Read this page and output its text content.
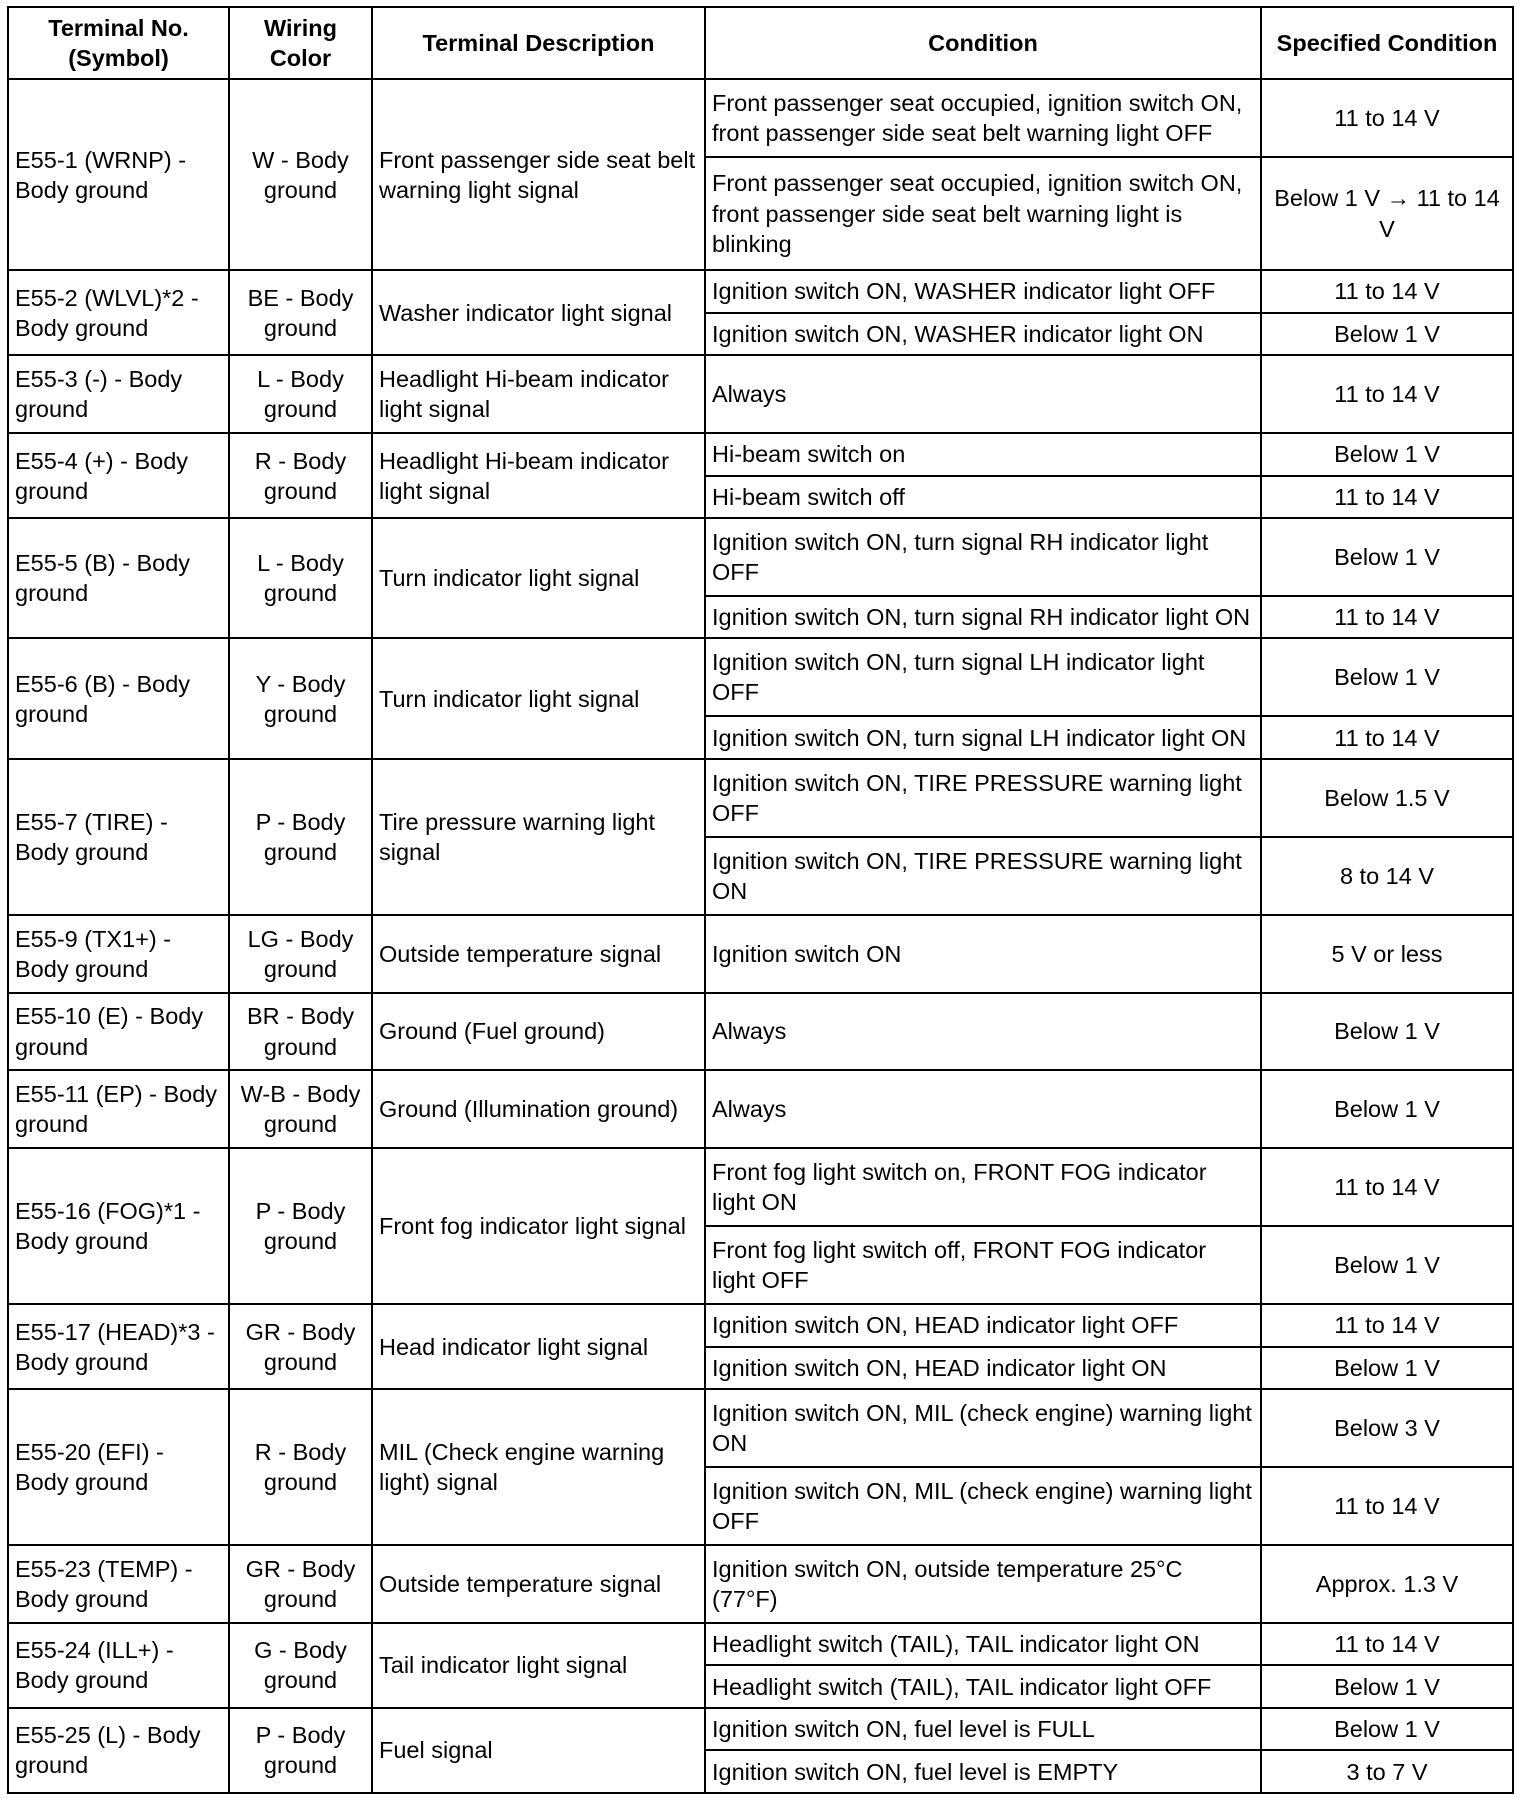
Terminal No. (Symbol)	Wiring Color	Terminal Description	Condition	Specified Condition
E55-1 (WRNP) - Body ground	W - Body ground	Front passenger side seat belt warning light signal	Front passenger seat occupied, ignition switch ON, front passenger side seat belt warning light OFF	11 to 14 V
			Front passenger seat occupied, ignition switch ON, front passenger side seat belt warning light is blinking	Below 1 V → 11 to 14 V
E55-2 (WLVL)*2 - Body ground	BE - Body ground	Washer indicator light signal	Ignition switch ON, WASHER indicator light OFF	11 to 14 V
			Ignition switch ON, WASHER indicator light ON	Below 1 V
E55-3 (-) - Body ground	L - Body ground	Headlight Hi-beam indicator light signal	Always	11 to 14 V
E55-4 (+) - Body ground	R - Body ground	Headlight Hi-beam indicator light signal	Hi-beam switch on	Below 1 V
			Hi-beam switch off	11 to 14 V
E55-5 (B) - Body ground	L - Body ground	Turn indicator light signal	Ignition switch ON, turn signal RH indicator light OFF	Below 1 V
			Ignition switch ON, turn signal RH indicator light ON	11 to 14 V
E55-6 (B) - Body ground	Y - Body ground	Turn indicator light signal	Ignition switch ON, turn signal LH indicator light OFF	Below 1 V
			Ignition switch ON, turn signal LH indicator light ON	11 to 14 V
E55-7 (TIRE) - Body ground	P - Body ground	Tire pressure warning light signal	Ignition switch ON, TIRE PRESSURE warning light OFF	Below 1.5 V
			Ignition switch ON, TIRE PRESSURE warning light ON	8 to 14 V
E55-9 (TX1+) - Body ground	LG - Body ground	Outside temperature signal	Ignition switch ON	5 V or less
E55-10 (E) - Body ground	BR - Body ground	Ground (Fuel ground)	Always	Below 1 V
E55-11 (EP) - Body ground	W-B - Body ground	Ground (Illumination ground)	Always	Below 1 V
E55-16 (FOG)*1 - Body ground	P - Body ground	Front fog indicator light signal	Front fog light switch on, FRONT FOG indicator light ON	11 to 14 V
			Front fog light switch off, FRONT FOG indicator light OFF	Below 1 V
E55-17 (HEAD)*3 - Body ground	GR - Body ground	Head indicator light signal	Ignition switch ON, HEAD indicator light OFF	11 to 14 V
			Ignition switch ON, HEAD indicator light ON	Below 1 V
E55-20 (EFI) - Body ground	R - Body ground	MIL (Check engine warning light) signal	Ignition switch ON, MIL (check engine) warning light ON	Below 3 V
			Ignition switch ON, MIL (check engine) warning light OFF	11 to 14 V
E55-23 (TEMP) - Body ground	GR - Body ground	Outside temperature signal	Ignition switch ON, outside temperature 25°C (77°F)	Approx. 1.3 V
E55-24 (ILL+) - Body ground	G - Body ground	Tail indicator light signal	Headlight switch (TAIL), TAIL indicator light ON	11 to 14 V
			Headlight switch (TAIL), TAIL indicator light OFF	Below 1 V
E55-25 (L) - Body ground	P - Body ground	Fuel signal	Ignition switch ON, fuel level is FULL	Below 1 V
			Ignition switch ON, fuel level is EMPTY	3 to 7 V
